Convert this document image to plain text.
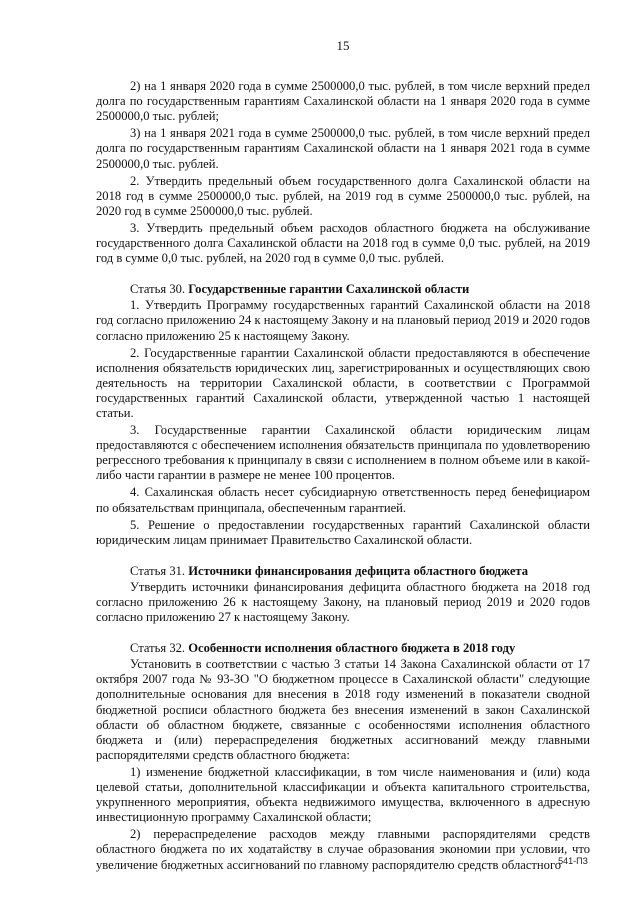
15

2) на 1 января 2020 года в сумме 2500000,0 тыс. рублей, в том числе верхний предел долга по государственным гарантиям Сахалинской области на 1 января 2020 года в сумме 2500000,0 тыс. рублей;

3) на 1 января 2021 года в сумме 2500000,0 тыс. рублей, в том числе верхний предел долга по государственным гарантиям Сахалинской области на 1 января 2021 года в сумме 2500000,0 тыс. рублей.

2. Утвердить предельный объем государственного долга Сахалинской области на 2018 год в сумме 2500000,0 тыс. рублей, на 2019 год в сумме 2500000,0 тыс. рублей, на 2020 год в сумме 2500000,0 тыс. рублей.

3. Утвердить предельный объем расходов областного бюджета на обслуживание государственного долга Сахалинской области на 2018 год в сумме 0,0 тыс. рублей, на 2019 год в сумме 0,0 тыс. рублей, на 2020 год в сумме 0,0 тыс. рублей.

Статья 30. Государственные гарантии Сахалинской области

1. Утвердить Программу государственных гарантий Сахалинской области на 2018 год согласно приложению 24 к настоящему Закону и на плановый период 2019 и 2020 годов согласно приложению 25 к настоящему Закону.

2. Государственные гарантии Сахалинской области предоставляются в обеспечение исполнения обязательств юридических лиц, зарегистрированных и осуществляющих свою деятельность на территории Сахалинской области, в соответствии с Программой государственных гарантий Сахалинской области, утвержденной частью 1 настоящей статьи.

3. Государственные гарантии Сахалинской области юридическим лицам предоставляются с обеспечением исполнения обязательств принципала по удовлетворению регрессного требования к принципалу в связи с исполнением в полном объеме или в какой-либо части гарантии в размере не менее 100 процентов.

4. Сахалинская область несет субсидиарную ответственность перед бенефициаром по обязательствам принципала, обеспеченным гарантией.

5. Решение о предоставлении государственных гарантий Сахалинской области юридическим лицам принимает Правительство Сахалинской области.

Статья 31. Источники финансирования дефицита областного бюджета

Утвердить источники финансирования дефицита областного бюджета на 2018 год согласно приложению 26 к настоящему Закону, на плановый период 2019 и 2020 годов согласно приложению 27 к настоящему Закону.

Статья 32. Особенности исполнения областного бюджета в 2018 году

Установить в соответствии с частью 3 статьи 14 Закона Сахалинской области от 17 октября 2007 года № 93-ЗО "О бюджетном процессе в Сахалинской области" следующие дополнительные основания для внесения в 2018 году изменений в показатели сводной бюджетной росписи областного бюджета без внесения изменений в закон Сахалинской области об областном бюджете, связанные с особенностями исполнения областного бюджета и (или) перераспределения бюджетных ассигнований между главными распорядителями средств областного бюджета:

1) изменение бюджетной классификации, в том числе наименования и (или) кода целевой статьи, дополнительной классификации и объекта капитального строительства, укрупненного мероприятия, объекта недвижимого имущества, включенного в адресную инвестиционную программу Сахалинской области;

2) перераспределение расходов между главными распорядителями средств областного бюджета по их ходатайству в случае образования экономии при условии, что увеличение бюджетных ассигнований по главному распорядителю средств областного

541-ПЗ
